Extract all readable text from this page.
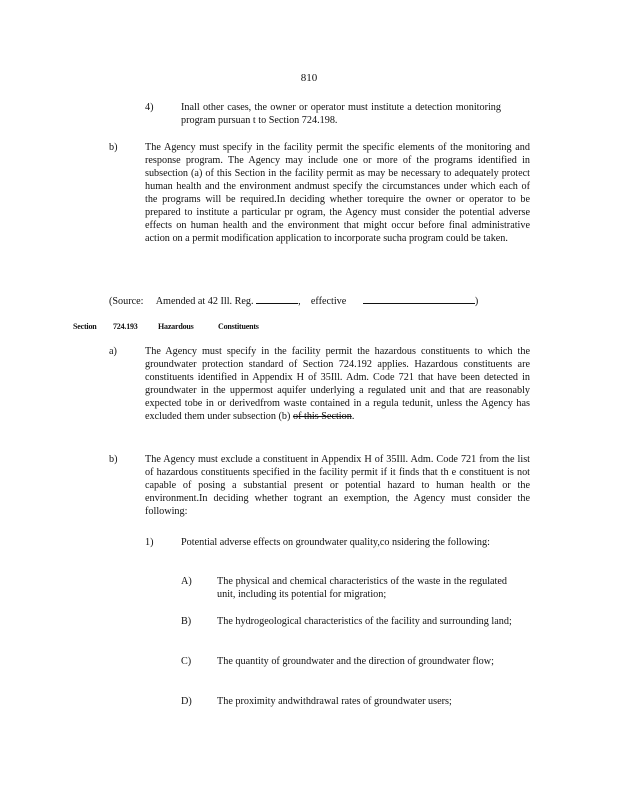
810
4)	Inall other cases, the owner or operator must institute a detection monitoring program pursuan t to Section 724.198.

b)	The Agency must specify in the facility permit the specific elements of the monitoring and response program. The Agency may include one or more of the programs identified in subsection (a) of this Section in the facility permit as may be necessary to adequately protect human health and the environment andmust specify the circumstances under which each of the programs will be required.In deciding whether torequire the owner or operator to be prepared to institute a particular pr ogram, the Agency must consider the potential adverse effects on human health and the environment that might occur before final administrative action on a permit modification application to incorporate sucha program could be taken.

(Source: Amended at 42 Ill. Reg.	, effective	)
Section 724.193	Hazardous	Constituents
a)	The Agency must specify in the facility permit the hazardous constituents to which the groundwater protection standard of Section 724.192 applies. Hazardous constituents are constituents identified in Appendix H of 35Ill. Adm. Code 721 that have been detected in groundwater in the uppermost aquifer underlying a regulated unit and that are reasonably expected tobe in or derivedfrom waste contained in a regula tedunit, unless the Agency has excluded them under subsection (b) of this Section.

b)	The Agency must exclude a constituent in Appendix H of 35Ill. Adm. Code 721 from the list of hazardous constituents specified in the facility permit if it finds that th e constituent is not capable of posing a substantial present or potential hazard to human health or the environment.In deciding whether togrant an exemption, the Agency must consider the following:

1)	Potential adverse effects on groundwater quality,co nsidering the following:

A) The physical and chemical characteristics of the waste in the regulated unit, including its potential for migration;

B)	The hydrogeological characteristics of the facility and surrounding land;

C)	The quantity of groundwater and the direction of groundwater flow;

D) The proximity andwithdrawal rates of groundwater users;
